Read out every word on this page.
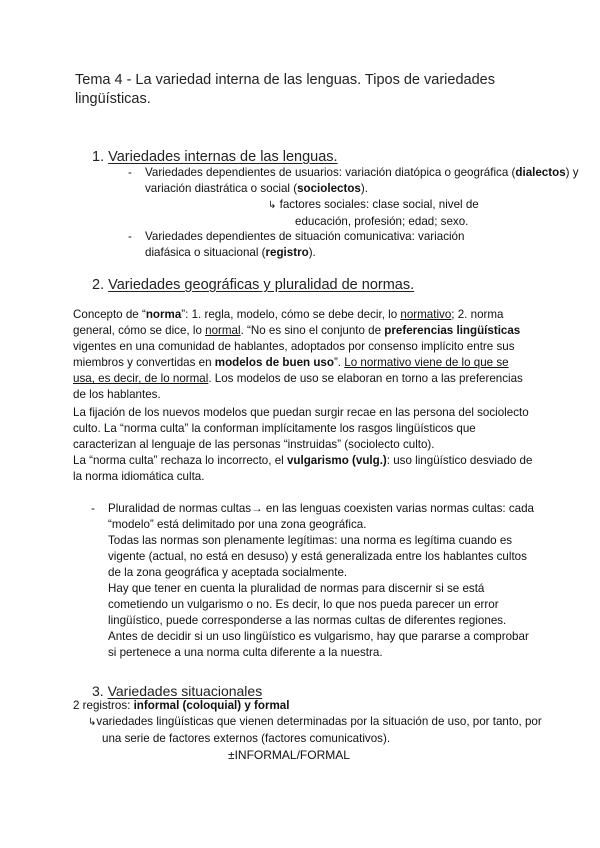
Tema 4 - La variedad interna de las lenguas. Tipos de variedades lingüísticas.
1. Variedades internas de las lenguas.
- Variedades dependientes de usuarios: variación diatópica o geográfica (dialectos) y variación diastrática o social (sociolectos).
↳ factores sociales: clase social, nivel de
educación, profesión; edad; sexo.
- Variedades dependientes de situación comunicativa: variación diafásica o situacional (registro).
2. Variedades geográficas y pluralidad de normas.
Concepto de “norma”: 1. regla, modelo, cómo se debe decir, lo normativo; 2. norma general, cómo se dice, lo normal. “No es sino el conjunto de preferencias lingüísticas vigentes en una comunidad de hablantes, adoptados por consenso implícito entre sus miembros y convertidas en modelos de buen uso”. Lo normativo viene de lo que se usa, es decir, de lo normal. Los modelos de uso se elaboran en torno a las preferencias de los hablantes.
La fijación de los nuevos modelos que puedan surgir recae en las persona del sociolecto culto. La “norma culta” la conforman implícitamente los rasgos lingüísticos que caracterizan al lenguaje de las personas “instruidas” (sociolecto culto).
La “norma culta” rechaza lo incorrecto, el vulgarismo (vulg.): uso lingüístico desviado de la norma idiomática culta.
- Pluralidad de normas cultas→ en las lenguas coexisten varias normas cultas: cada “modelo” está delimitado por una zona geográfica.
Todas las normas son plenamente legítimas: una norma es legítima cuando es vigente (actual, no está en desuso) y está generalizada entre los hablantes cultos de la zona geográfica y aceptada socialmente.
Hay que tener en cuenta la pluralidad de normas para discernir si se está cometiendo un vulgarismo o no. Es decir, lo que nos pueda parecer un error lingüístico, puede corresponderse a las normas cultas de diferentes regiones.
Antes de decidir si un uso lingüístico es vulgarismo, hay que pararse a comprobar si pertenece a una norma culta diferente a la nuestra.
3. Variedades situacionales
2 registros: informal (coloquial) y formal
↳variedades lingüísticas que vienen determinadas por la situación de uso, por tanto, por una serie de factores externos (factores comunicativos).
±INFORMAL/FORMAL
